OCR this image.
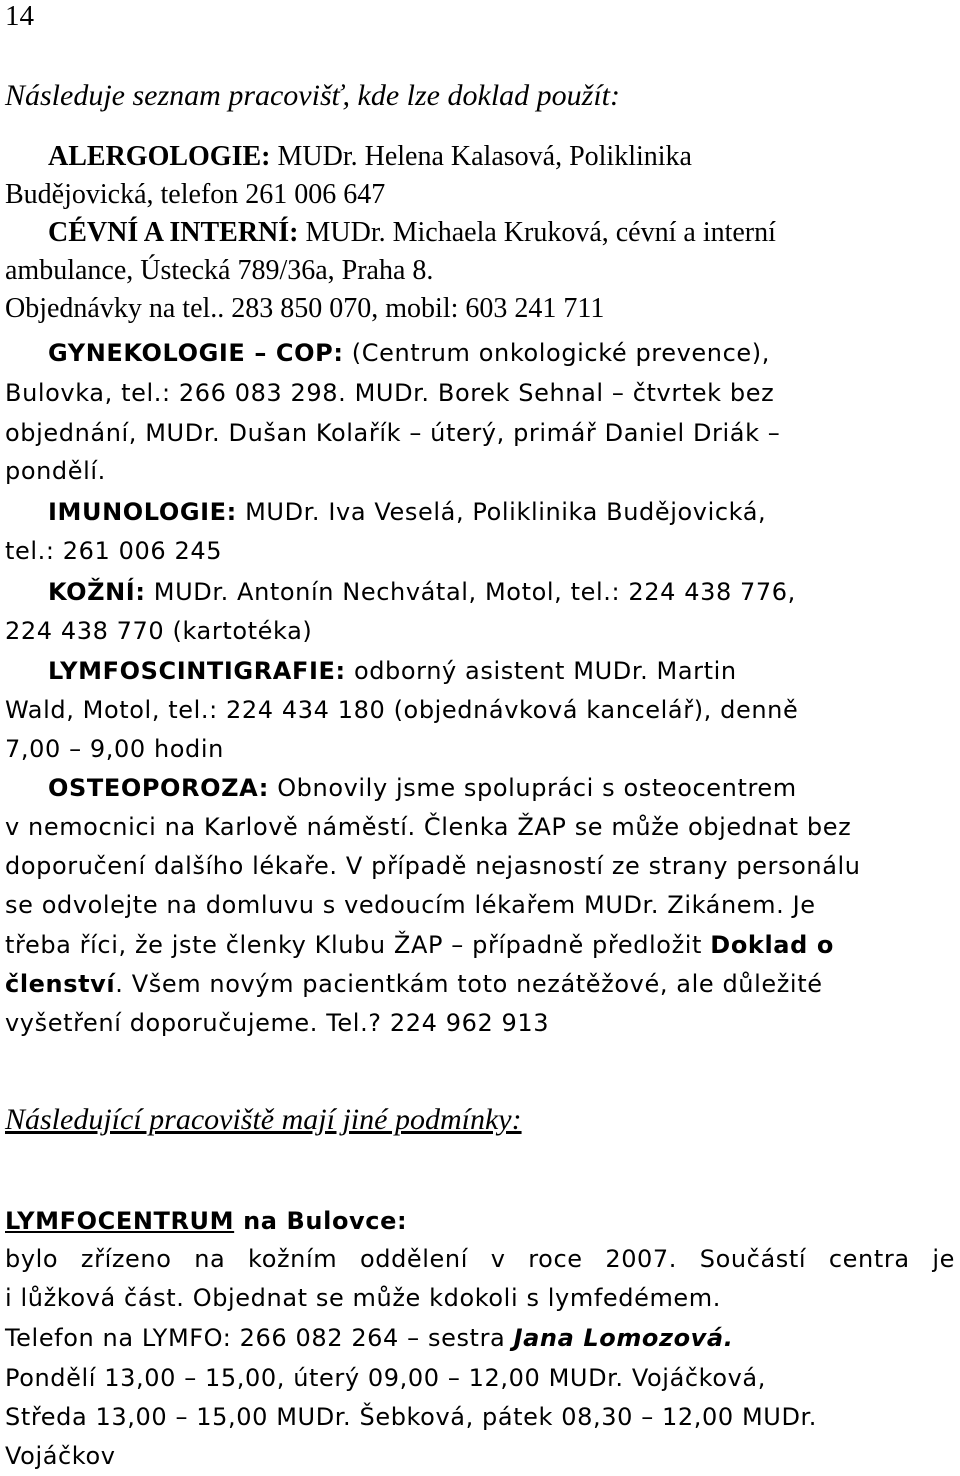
14
Následuje seznam pracovišť, kde lze doklad použít:
ALERGOLOGIE: MUDr. Helena Kalasová, Poliklinika
Budějovická, telefon 261 006 647
CÉVNÍ A INTERNÍ: MUDr. Michaela Kruková, cévní a interní
ambulance, Ústecká 789/36a, Praha 8.
Objednávky na tel.. 283 850 070, mobil: 603 241 711
GYNEKOLOGIE – COP: (Centrum onkologické prevence),
Bulovka, tel.: 266 083 298. MUDr. Borek Sehnal – čtvrtek bez
objednání, MUDr. Dušan Kolařík – úterý, primář Daniel Driák –
pondělí.
IMUNOLOGIE: MUDr. Iva Veselá, Poliklinika Budějovická,
tel.: 261 006 245
KOŽNÍ: MUDr. Antonín Nechvátal, Motol, tel.: 224 438 776,
224 438 770 (kartotéka)
LYMFOSCINTIGRAFIE: odborný asistent MUDr. Martin
Wald, Motol, tel.: 224 434 180 (objednávková kancelář), denně
7,00 – 9,00 hodin
OSTEOPOROZA: Obnovily jsme spolupráci s osteocentrem
v nemocnici na Karlově náměstí. Členka ŽAP se může objednat bez
doporučení dalšího lékaře. V případě nejasností ze strany personálu
se odvolejte na domluvu s vedoucím lékařem MUDr. Zikánem. Je
třeba říci, že jste členky Klubu ŽAP – případně předložit Doklad o
členství. Všem novým pacientkám toto nezátěžové, ale důležité
vyšetření doporučujeme. Tel.? 224 962 913
Následující pracoviště mají jiné podmínky:
LYMFOCENTRUM na Bulovce:
bylo zřízeno na kožním oddělení v roce 2007. Součástí centra je
i lůžková část. Objednat se může kdokoli s lymfedémem.
Telefon na LYMFO: 266 082 264 – sestra Jana Lomozová.
Pondělí 13,00 – 15,00, úterý 09,00 – 12,00 MUDr. Vojáčková,
Středa 13,00 – 15,00 MUDr. Šebková, pátek 08,30 – 12,00 MUDr.
Vojáčkov
